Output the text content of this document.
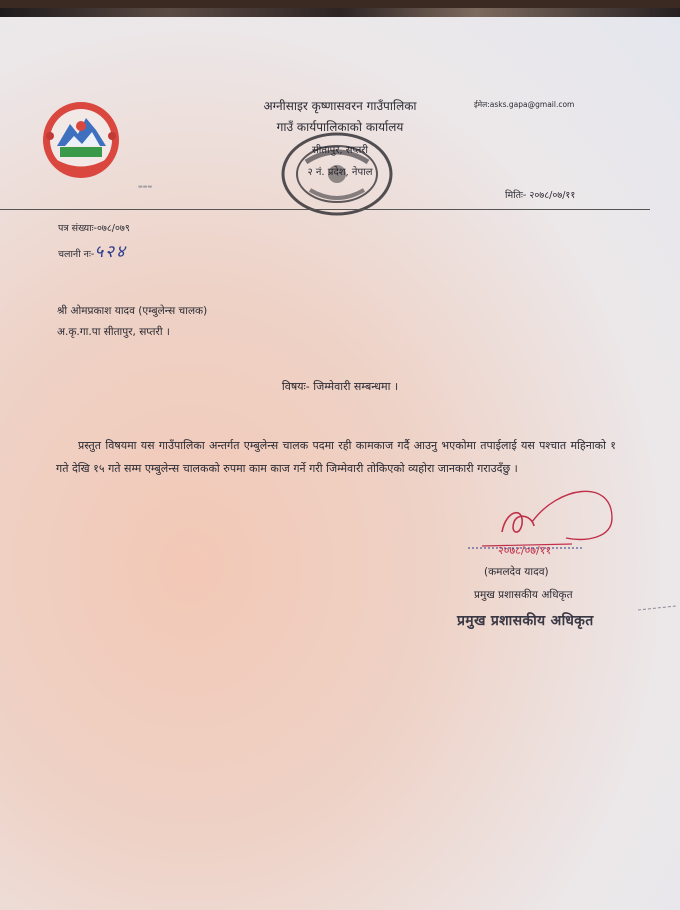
▬▬▬
अग्नीसाइर कृष्णासवरन गाउँपालिका
गाउँ कार्यपालिकाको कार्यालय
सीतापुर, सप्तरी
२ नं. प्रदेश, नेपाल
ईमेल:asks.gapa@gmail.com
मितिः- २०७८/०७/११
पत्र संख्याः-०७८/०७९
चलानी नः-५२४
श्री ओमप्रकाश यादव (एम्बुलेन्स चालक)
अ.कृ.गा.पा सीतापुर, सप्तरी ।
विषयः- जिम्मेवारी सम्बन्धमा ।
प्रस्तुत विषयमा यस गाउँपालिका अन्तर्गत एम्बुलेन्स चालक पदमा रही कामकाज गर्दै आउनु भएकोमा तपाईलाई यस पश्चात महिनाको १ गते देखि १५ गते सम्म एम्बुलेन्स चालकको रुपमा काम काज गर्ने गरी जिम्मेवारी तोकिएको व्यहोरा जानकारी गराउदँछु ।
२०७८/०७/११
(कमलदेव यादव)
प्रमुख प्रशासकीय अधिकृत
प्रमुख प्रशासकीय अधिकृत
